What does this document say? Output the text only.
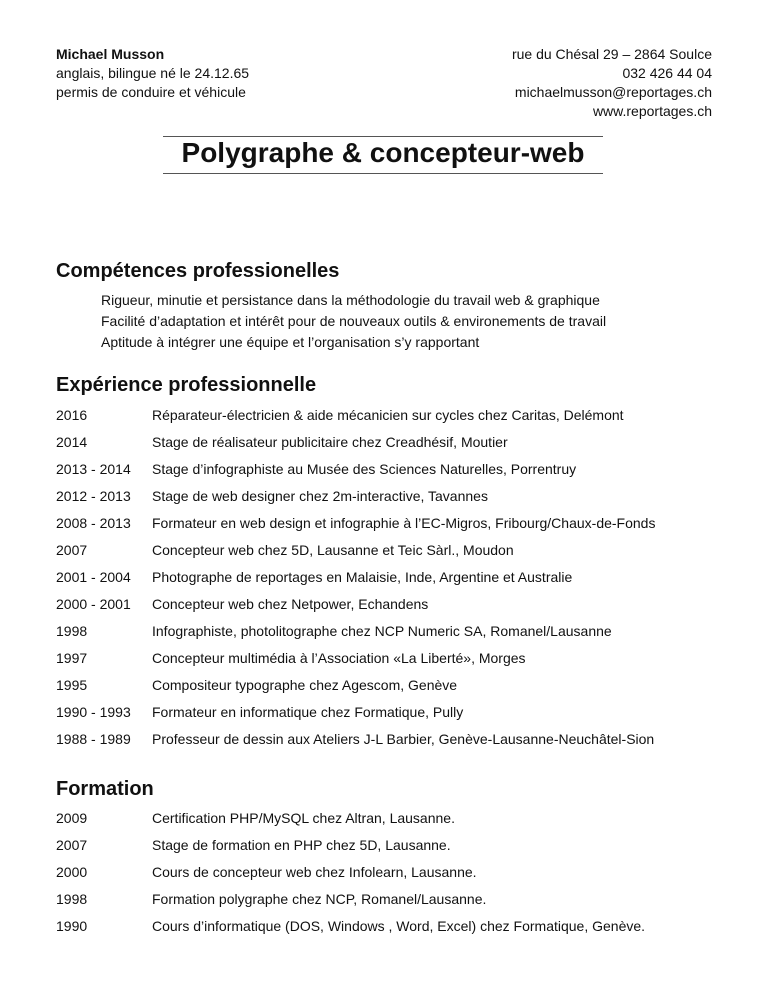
Michael Musson
anglais, bilingue né le 24.12.65
permis de conduire et véhicule
rue du Chésal 29 – 2864 Soulce
032 426 44 04
michaelmusson@reportages.ch
www.reportages.ch
Polygraphe & concepteur-web
Compétences professionelles
Rigueur, minutie et persistance dans la méthodologie du travail web & graphique
Facilité d’adaptation et intérêt pour de nouveaux outils & environements de travail
Aptitude à intégrer une équipe et l’organisation s’y rapportant
Expérience professionnelle
2016	Réparateur-électricien & aide mécanicien sur cycles chez Caritas, Delémont
2014	Stage de réalisateur publicitaire chez Creadhésif, Moutier
2013 - 2014 Stage d’infographiste au Musée des Sciences Naturelles, Porrentruy
2012 - 2013 Stage de web designer chez 2m-interactive, Tavannes
2008 - 2013 Formateur en web design et infographie à l’EC-Migros, Fribourg/Chaux-de-Fonds
2007	Concepteur web chez 5D, Lausanne et Teic Sàrl., Moudon
2001 - 2004 Photographe de reportages en Malaisie, Inde, Argentine et Australie
2000 - 2001 Concepteur web chez Netpower, Echandens
1998	Infographiste, photolitographe chez NCP Numeric SA, Romanel/Lausanne
1997	Concepteur multimédia à l’Association «La Liberté», Morges
1995	Compositeur typographe chez Agescom, Genève
1990 - 1993 Formateur en informatique chez Formatique, Pully
1988 - 1989 Professeur de dessin aux Ateliers J-L Barbier, Genève-Lausanne-Neuchâtel-Sion
Formation
2009	Certification PHP/MySQL chez Altran, Lausanne.
2007	Stage de formation en PHP chez 5D, Lausanne.
2000	Cours de concepteur web chez Infolearn, Lausanne.
1998	Formation polygraphe chez NCP, Romanel/Lausanne.
1990	Cours d’informatique (DOS, Windows , Word, Excel) chez Formatique, Genève.
